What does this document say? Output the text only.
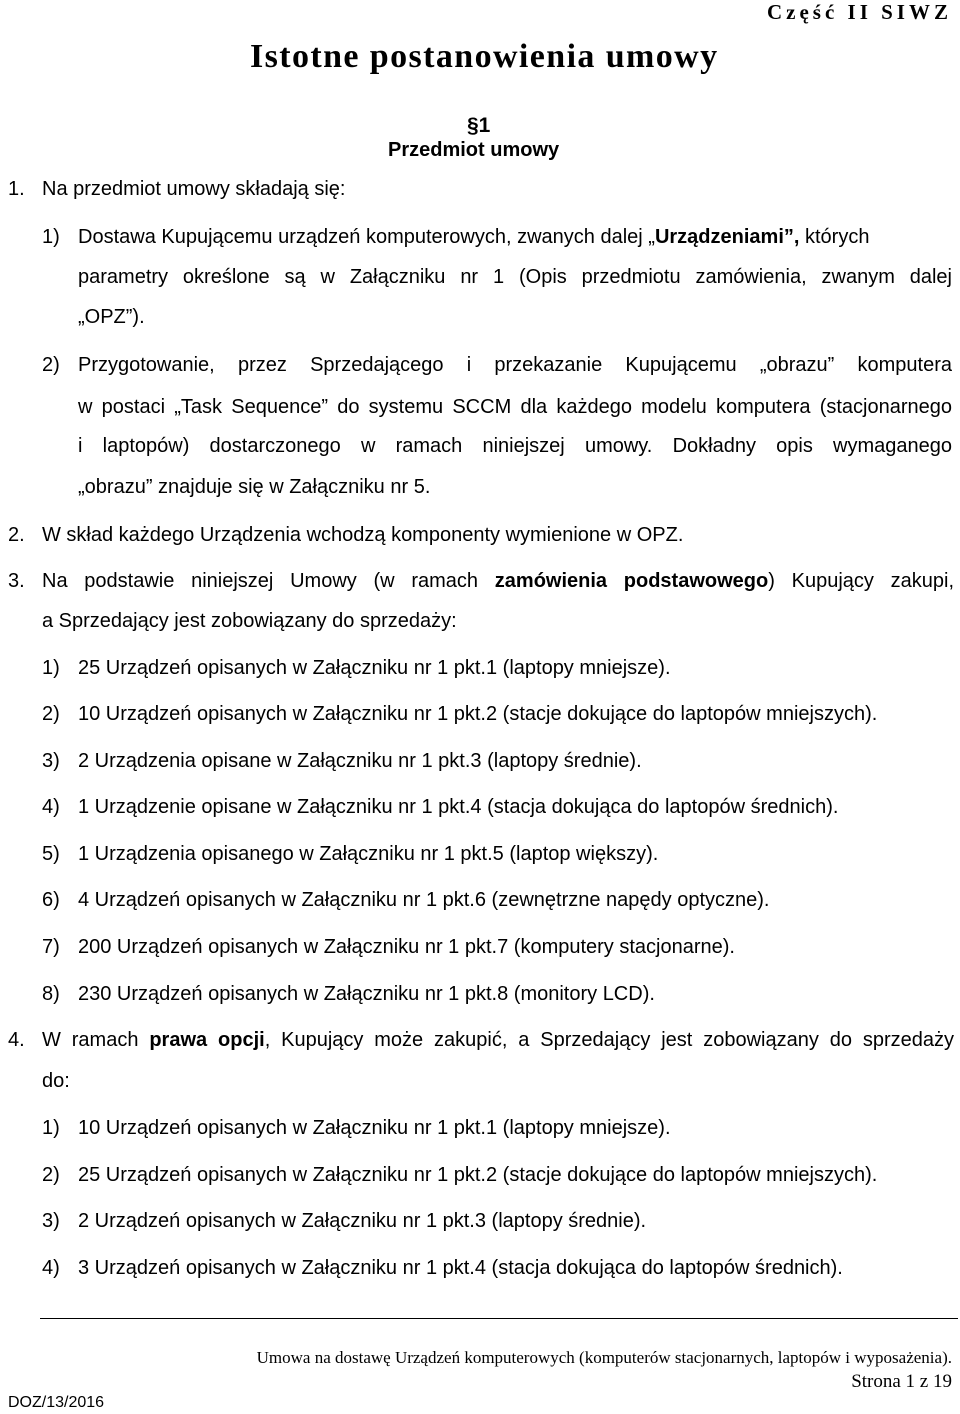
Część II SIWZ
Istotne postanowienia umowy
§1
Przedmiot umowy
1. Na przedmiot umowy składają się:
1) Dostawa Kupującemu urządzeń komputerowych, zwanych dalej „Urządzeniami”, których
parametry określone są w Załączniku nr 1 (Opis przedmiotu zamówienia, zwanym dalej
„OPZ”).
2) Przygotowanie, przez Sprzedającego i przekazanie Kupującemu „obrazu” komputera
w postaci „Task Sequence” do systemu SCCM dla każdego modelu komputera (stacjonarnego
i laptopów) dostarczonego w ramach niniejszej umowy. Dokładny opis wymaganego
„obrazu” znajduje się w Załączniku nr 5.
2. W skład każdego Urządzenia wchodzą komponenty wymienione w OPZ.
3. Na podstawie niniejszej Umowy (w ramach zamówienia podstawowego) Kupujący zakupi,
a Sprzedający jest zobowiązany do sprzedaży:
1) 25 Urządzeń opisanych w Załączniku nr 1 pkt.1 (laptopy mniejsze).
2) 10 Urządzeń opisanych w Załączniku nr 1 pkt.2 (stacje dokujące do laptopów mniejszych).
3) 2 Urządzenia opisane w Załączniku nr 1 pkt.3 (laptopy średnie).
4) 1 Urządzenie opisane w Załączniku nr 1 pkt.4 (stacja dokująca do laptopów średnich).
5) 1 Urządzenia opisanego w Załączniku nr 1 pkt.5 (laptop większy).
6) 4 Urządzeń opisanych w Załączniku nr 1 pkt.6 (zewnętrzne napędy optyczne).
7) 200 Urządzeń opisanych w Załączniku nr 1 pkt.7 (komputery stacjonarne).
8) 230 Urządzeń opisanych w Załączniku nr 1 pkt.8 (monitory LCD).
4. W ramach prawa opcji, Kupujący może zakupić, a Sprzedający jest zobowiązany do sprzedaży
do:
1) 10 Urządzeń opisanych w Załączniku nr 1 pkt.1 (laptopy mniejsze).
2) 25 Urządzeń opisanych w Załączniku nr 1 pkt.2 (stacje dokujące do laptopów mniejszych).
3) 2 Urządzeń opisanych w Załączniku nr 1 pkt.3 (laptopy średnie).
4) 3 Urządzeń opisanych w Załączniku nr 1 pkt.4 (stacja dokująca do laptopów średnich).
Umowa na dostawę Urządzeń komputerowych (komputerów stacjonarnych, laptopów i wyposażenia).
Strona 1 z 19
DOZ/13/2016
